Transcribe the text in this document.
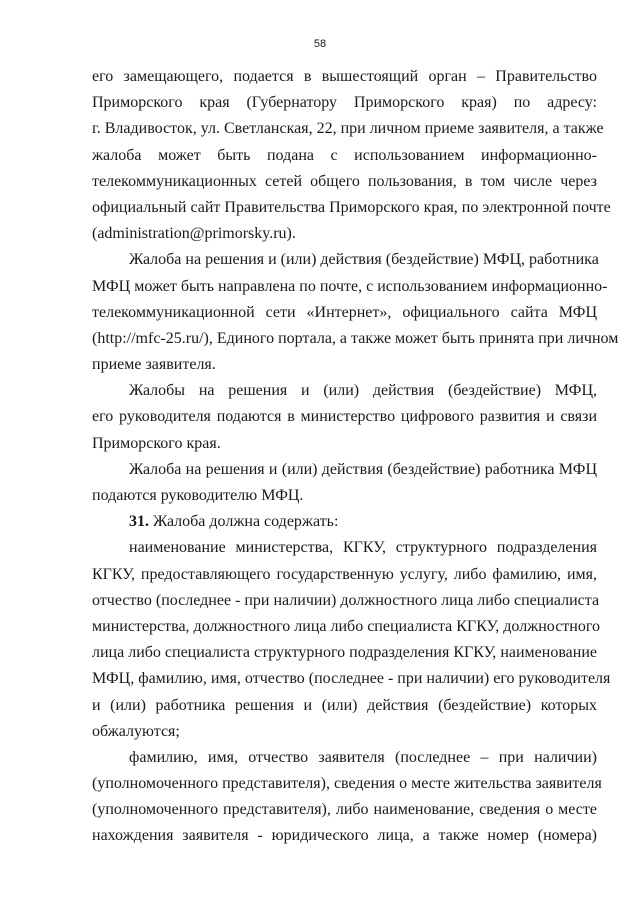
58
его замещающего, подается в вышестоящий орган – Правительство
Приморского края (Губернатору Приморского края) по адресу:
г. Владивосток, ул. Светланская, 22, при личном приеме заявителя, а также
жалоба может быть подана с использованием информационно-
телекоммуникационных сетей общего пользования, в том числе через
официальный сайт Правительства Приморского края, по электронной почте
(administration@primorsky.ru).
Жалоба на решения и (или) действия (бездействие) МФЦ, работника
МФЦ может быть направлена по почте, с использованием информационно-
телекоммуникационной сети «Интернет», официального сайта МФЦ
(http://mfc-25.ru/), Единого портала, а также может быть принята при личном
приеме заявителя.
Жалобы на решения и (или) действия (бездействие) МФЦ,
его руководителя подаются в министерство цифрового развития и связи
Приморского края.
Жалоба на решения и (или) действия (бездействие) работника МФЦ
подаются руководителю МФЦ.
31. Жалоба должна содержать:
наименование министерства, КГКУ, структурного подразделения
КГКУ, предоставляющего государственную услугу, либо фамилию, имя,
отчество (последнее - при наличии) должностного лица либо специалиста
министерства, должностного лица либо специалиста КГКУ, должностного
лица либо специалиста структурного подразделения КГКУ, наименование
МФЦ, фамилию, имя, отчество (последнее - при наличии) его руководителя
и (или) работника решения и (или) действия (бездействие) которых
обжалуются;
фамилию, имя, отчество заявителя (последнее – при наличии)
(уполномоченного представителя), сведения о месте жительства заявителя
(уполномоченного представителя), либо наименование, сведения о месте
нахождения заявителя - юридического лица, а также номер (номера)
